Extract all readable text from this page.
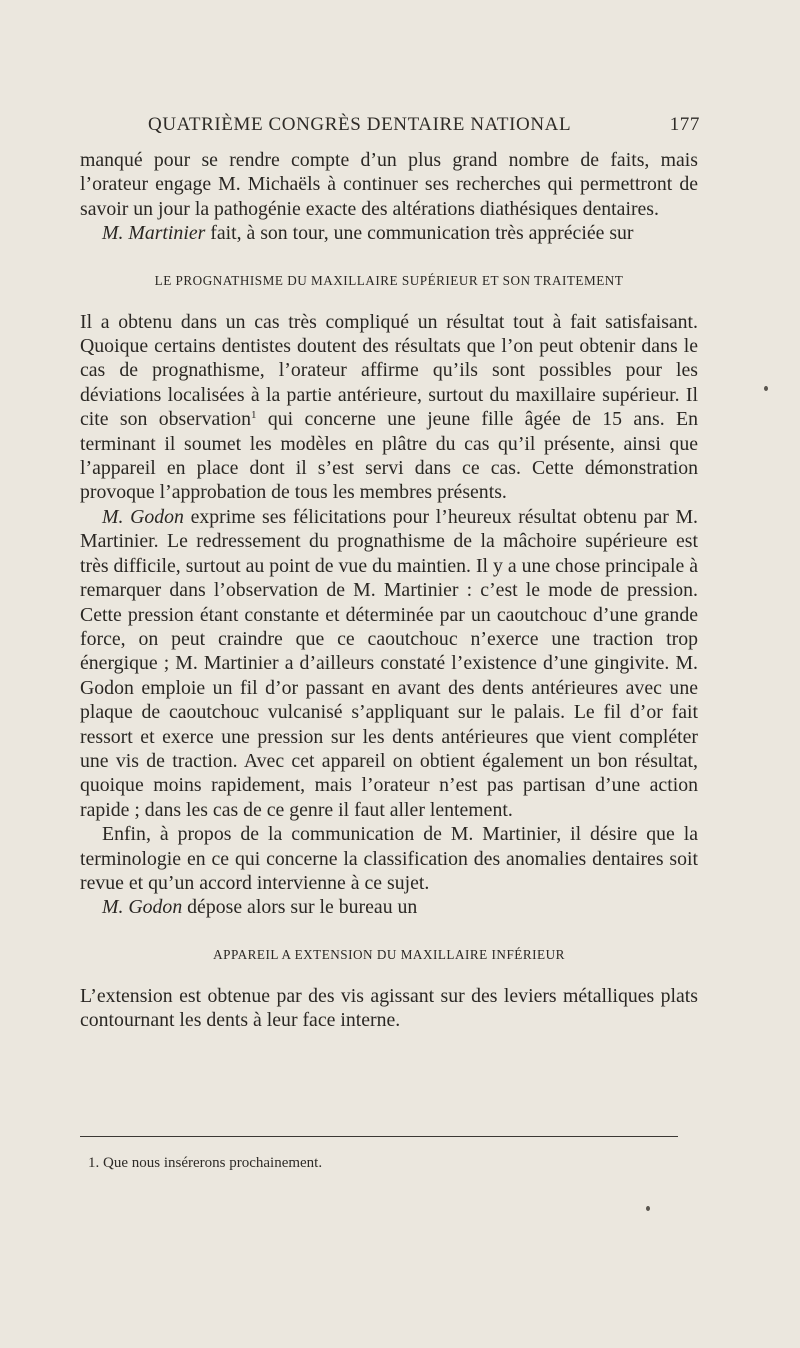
QUATRIÈME CONGRÈS DENTAIRE NATIONAL	177

manqué pour se rendre compte d’un plus grand nombre de faits, mais l’orateur engage M. Michaëls à continuer ses recherches qui permettront de savoir un jour la pathogénie exacte des altérations diathésiques dentaires.

M. Martinier fait, à son tour, une communication très appréciée sur

LE PROGNATHISME DU MAXILLAIRE SUPÉRIEUR ET SON TRAITEMENT

Il a obtenu dans un cas très compliqué un résultat tout à fait satisfaisant. Quoique certains dentistes doutent des résultats que l’on peut obtenir dans le cas de prognathisme, l’orateur affirme qu’ils sont possibles pour les déviations localisées à la partie antérieure, surtout du maxillaire supérieur. Il cite son observation$^1$ qui concerne une jeune fille âgée de 15 ans. En terminant il soumet les modèles en plâtre du cas qu’il présente, ainsi que l’appareil en place dont il s’est servi dans ce cas. Cette démonstration provoque l’approbation de tous les membres présents.

M. Godon exprime ses félicitations pour l’heureux résultat obtenu par M. Martinier. Le redressement du prognathisme de la mâchoire supérieure est très difficile, surtout au point de vue du maintien. Il y a une chose principale à remarquer dans l’observation de M. Martinier : c’est le mode de pression. Cette pression étant constante et déterminée par un caoutchouc d’une grande force, on peut craindre que ce caoutchouc n’exerce une traction trop énergique ; M. Martinier a d’ailleurs constaté l’existence d’une gingivite. M. Godon emploie un fil d’or passant en avant des dents antérieures avec une plaque de caoutchouc vulcanisé s’appliquant sur le palais. Le fil d’or fait ressort et exerce une pression sur les dents antérieures que vient compléter une vis de traction. Avec cet appareil on obtient également un bon résultat, quoique moins rapidement, mais l’orateur n’est pas partisan d’une action rapide ; dans les cas de ce genre il faut aller lentement.

Enfin, à propos de la communication de M. Martinier, il désire que la terminologie en ce qui concerne la classification des anomalies dentaires soit revue et qu’un accord intervienne à ce sujet.

M. Godon dépose alors sur le bureau un

APPAREIL A EXTENSION DU MAXILLAIRE INFÉRIEUR

L’extension est obtenue par des vis agissant sur des leviers métalliques plats contournant les dents à leur face interne.

1. Que nous insérerons prochainement.
